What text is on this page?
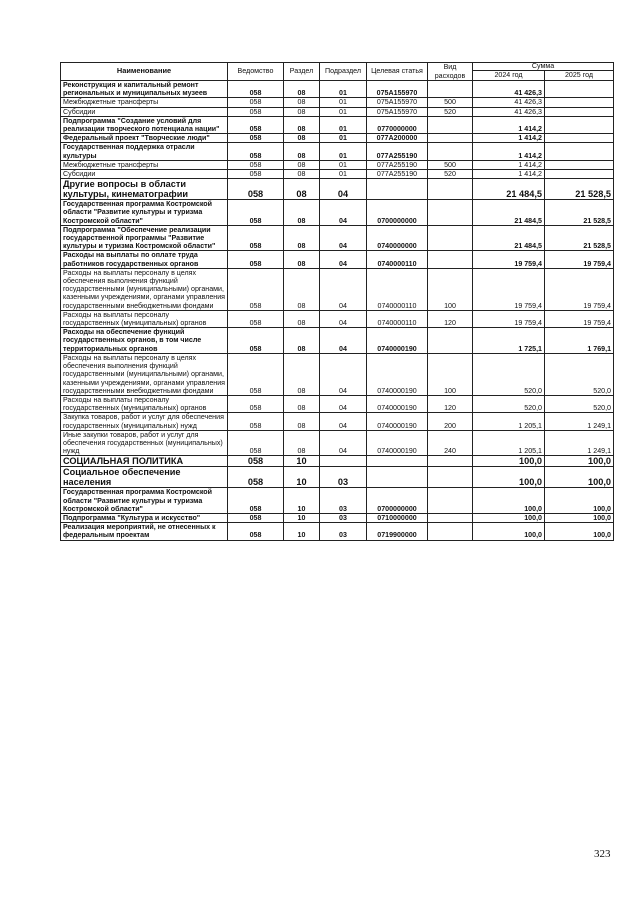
Наименование	Ведомство	Раздел	Подраздел	Целевая статья	Вид расходов	Сумма	
						2024 год	2025 год
Реконструкция и капитальный ремонт региональных и муниципальных музеев	058	08	01	075А155970		41 426,3	
Межбюджетные трансферты	058	08	01	075А155970	500	41 426,3	
Субсидии	058	08	01	075А155970	520	41 426,3	
Подпрограмма "Создание условий для реализации творческого потенциала нации"	058	08	01	0770000000		1 414,2	
Федеральный проект "Творческие люди"	058	08	01	077А200000		1 414,2	
Государственная поддержка отрасли культуры	058	08	01	077А255190		1 414,2	
Межбюджетные трансферты	058	08	01	077А255190	500	1 414,2	
Субсидии	058	08	01	077А255190	520	1 414,2	
Другие вопросы в области культуры, кинематографии	058	08	04			21 484,5	21 528,5
Государственная программа Костромской области "Развитие культуры и туризма Костромской области"	058	08	04	0700000000		21 484,5	21 528,5
Подпрограмма "Обеспечение реализации государственной программы "Развитие культуры и туризма Костромской области"	058	08	04	0740000000		21 484,5	21 528,5
Расходы на выплаты по оплате труда работников государственных органов	058	08	04	0740000110		19 759,4	19 759,4
Расходы на выплаты персоналу в целях обеспечения выполнения функций государственными (муниципальными) органами, казенными учреждениями, органами управления государственными внебюджетными фондами	058	08	04	0740000110	100	19 759,4	19 759,4
Расходы на выплаты персоналу государственных (муниципальных) органов	058	08	04	0740000110	120	19 759,4	19 759,4
Расходы на обеспечение функций государственных органов, в том числе территориальных органов	058	08	04	0740000190		1 725,1	1 769,1
Расходы на выплаты персоналу в целях обеспечения выполнения функций государственными (муниципальными) органами, казенными учреждениями, органами управления государственными внебюджетными фондами	058	08	04	0740000190	100	520,0	520,0
Расходы на выплаты персоналу государственных (муниципальных) органов	058	08	04	0740000190	120	520,0	520,0
Закупка товаров, работ и услуг для обеспечения государственных (муниципальных) нужд	058	08	04	0740000190	200	1 205,1	1 249,1
Иные закупки товаров, работ и услуг для обеспечения государственных (муниципальных) нужд	058	08	04	0740000190	240	1 205,1	1 249,1
СОЦИАЛЬНАЯ ПОЛИТИКА	058	10				100,0	100,0
Социальное обеспечение населения	058	10	03			100,0	100,0
Государственная программа Костромской области "Развитие культуры и туризма Костромской области"	058	10	03	0700000000		100,0	100,0
Подпрограмма "Культура и искусство"	058	10	03	0710000000		100,0	100,0
Реализация мероприятий, не отнесенных к федеральным проектам	058	10	03	0719900000		100,0	100,0
323
